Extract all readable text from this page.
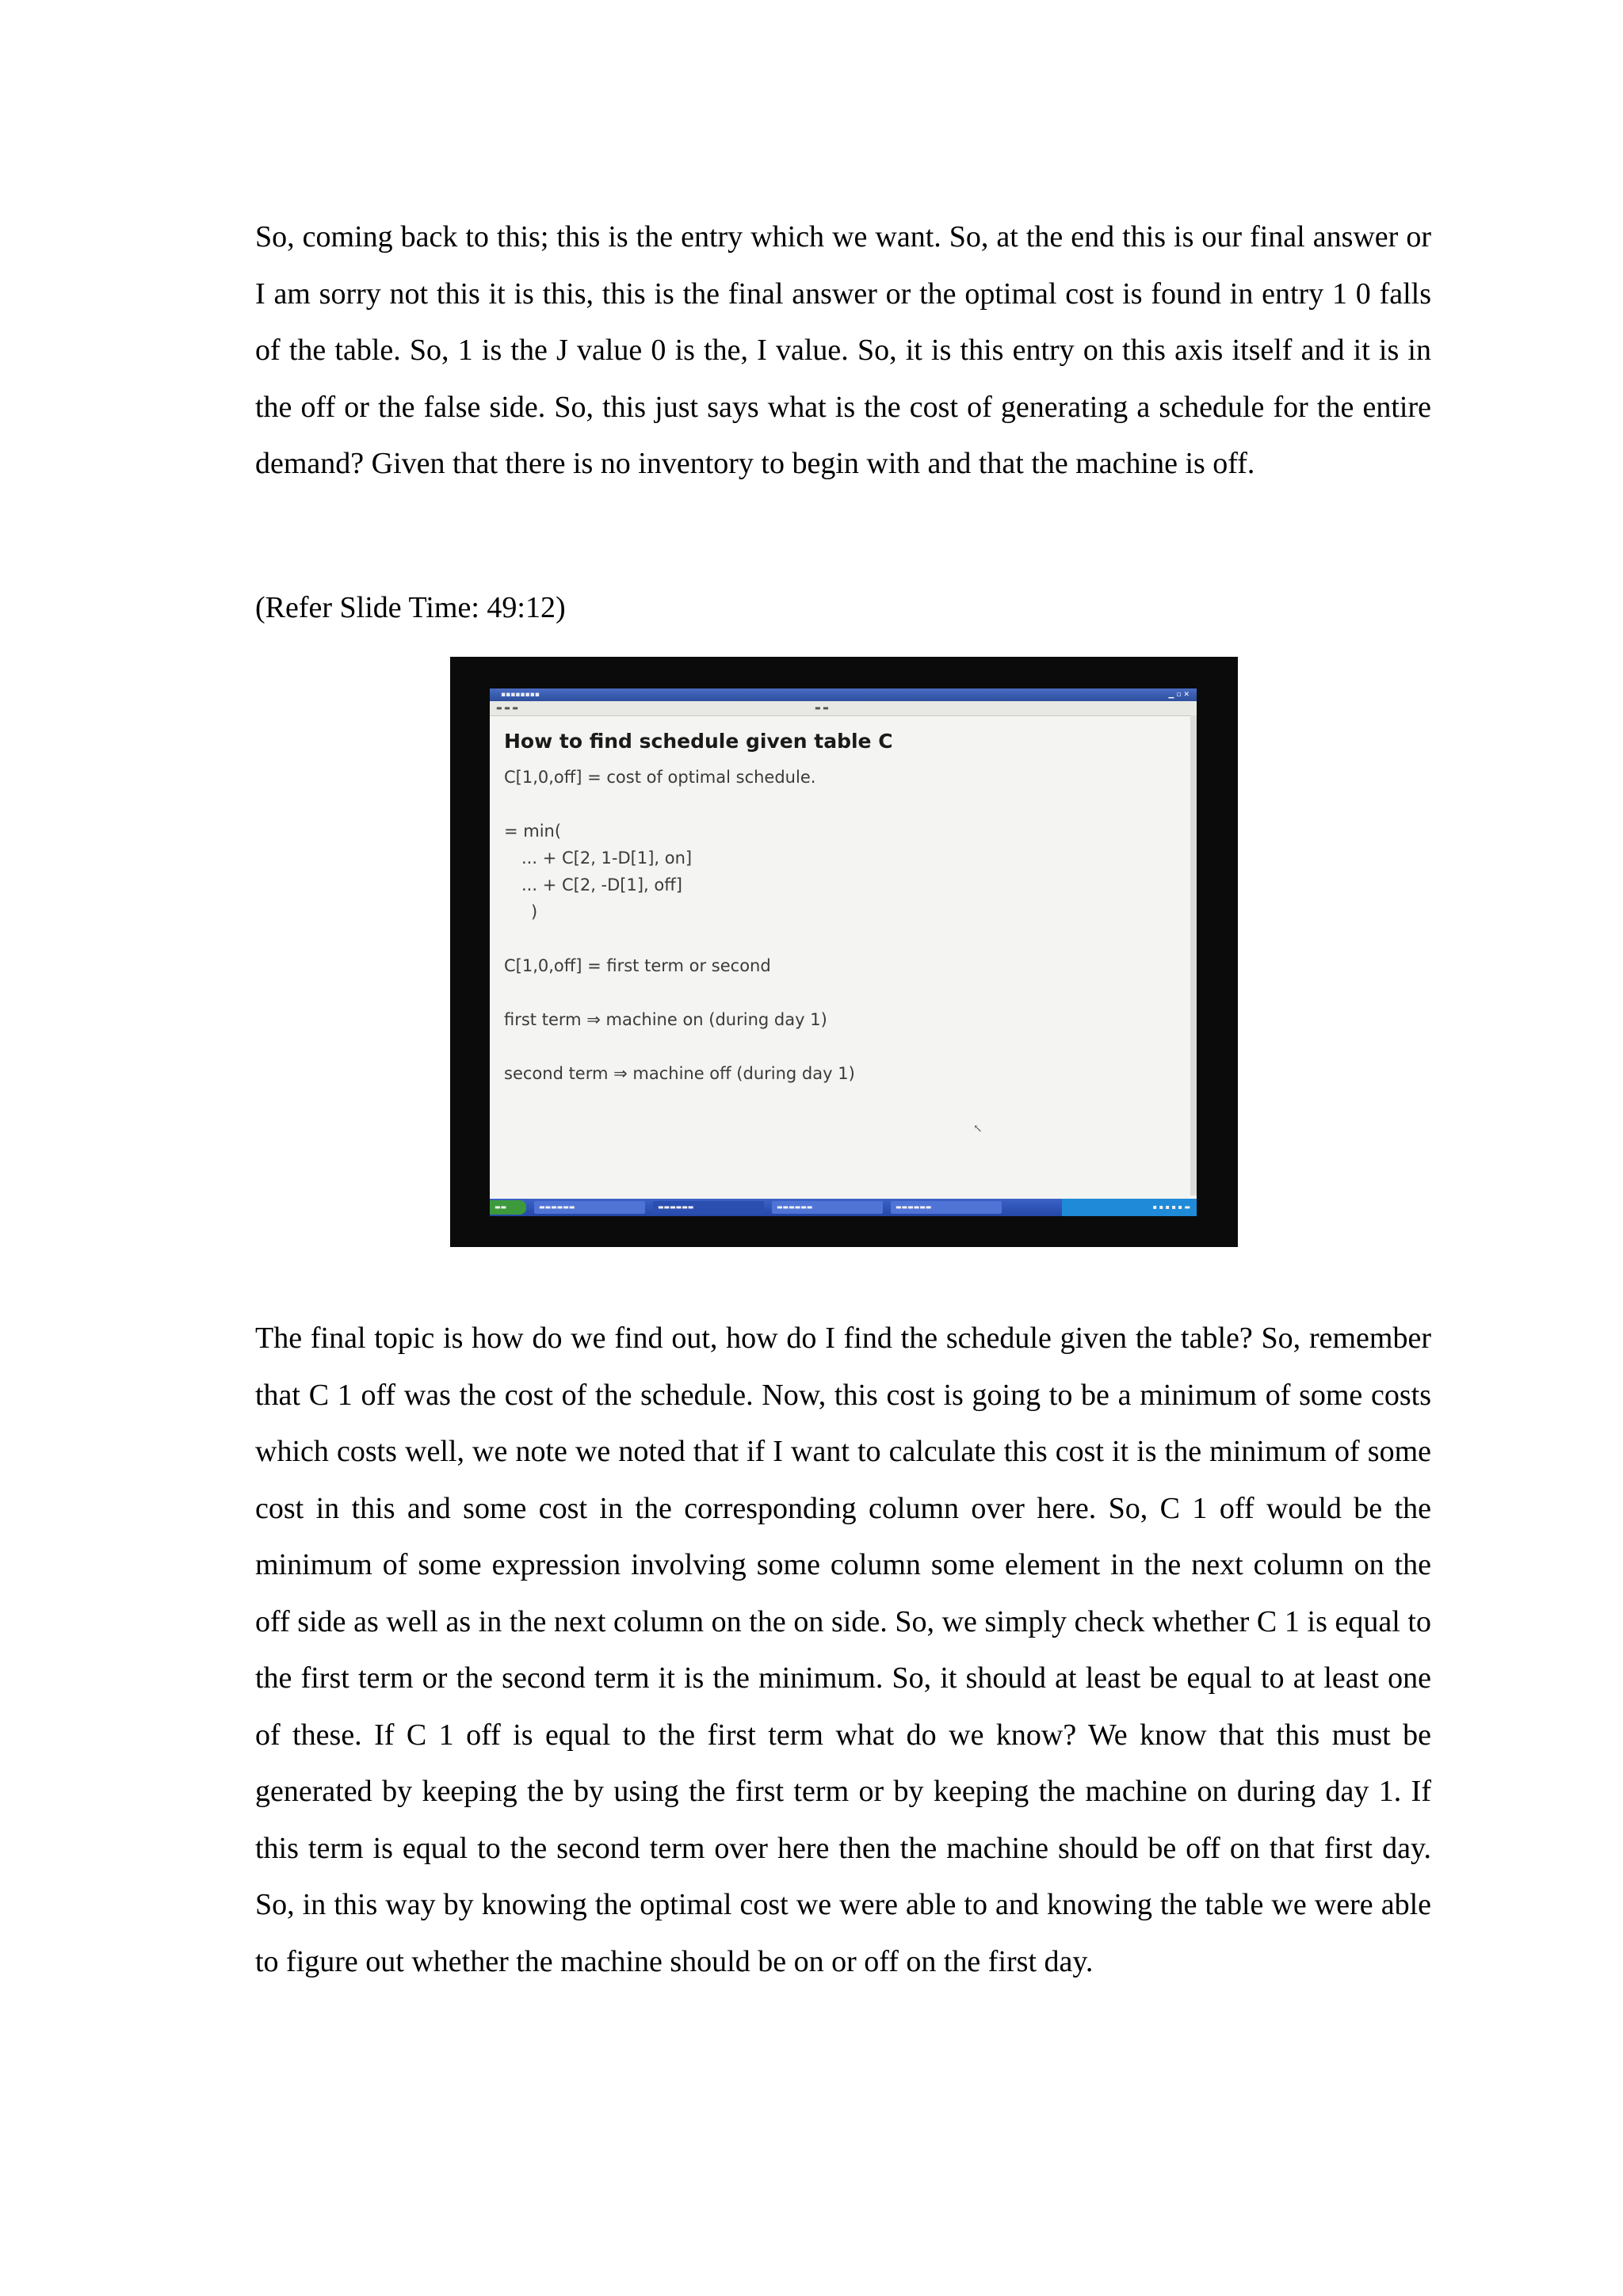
So, coming back to this; this is the entry which we want. So, at the end this is our final answer or I am sorry not this it is this, this is the final answer or the optimal cost is found in entry 1 0 falls of the table. So, 1 is the J value 0 is the, I value. So, it is this entry on this axis itself and it is in the off or the false side. So, this just says what is the cost of generating a schedule for the entire demand? Given that there is no inventory to begin with and that the machine is off.

(Refer Slide Time: 49:12)

▪▪▪▪▪▪▪▪	▁▫✕
▬ ▬ ▬	▬ ▬
How to find schedule given table C
C[1,0,off] = cost of optimal schedule.
= min(
... + C[2, 1-D[1], on]
... + C[2, -D[1], off]
)
C[1,0,off] = first term or second
first term ⇒ machine on (during day 1)
second term ⇒ machine off (during day 1)
↖
▬▬	▬▬▬▬▬▬	▬▬▬▬▬▬	▬▬▬▬▬▬	▬▬▬▬▬▬	▪ ▪ ▪ ▪ ▪ ▬

The final topic is how do we find out, how do I find the schedule given the table? So, remember that C 1 off was the cost of the schedule. Now, this cost is going to be a minimum of some costs which costs well, we note we noted that if I want to calculate this cost it is the minimum of some cost in this and some cost in the corresponding column over here. So, C 1 off would be the minimum of some expression involving some column some element in the next column on the off side as well as in the next column on the on side. So, we simply check whether C 1 is equal to the first term or the second term it is the minimum. So, it should at least be equal to at least one of these. If C 1 off is equal to the first term what do we know? We know that this must be generated by keeping the by using the first term or by keeping the machine on during day 1. If this term is equal to the second term over here then the machine should be off on that first day. So, in this way by knowing the optimal cost we were able to and knowing the table we were able to figure out whether the machine should be on or off on the first day.
